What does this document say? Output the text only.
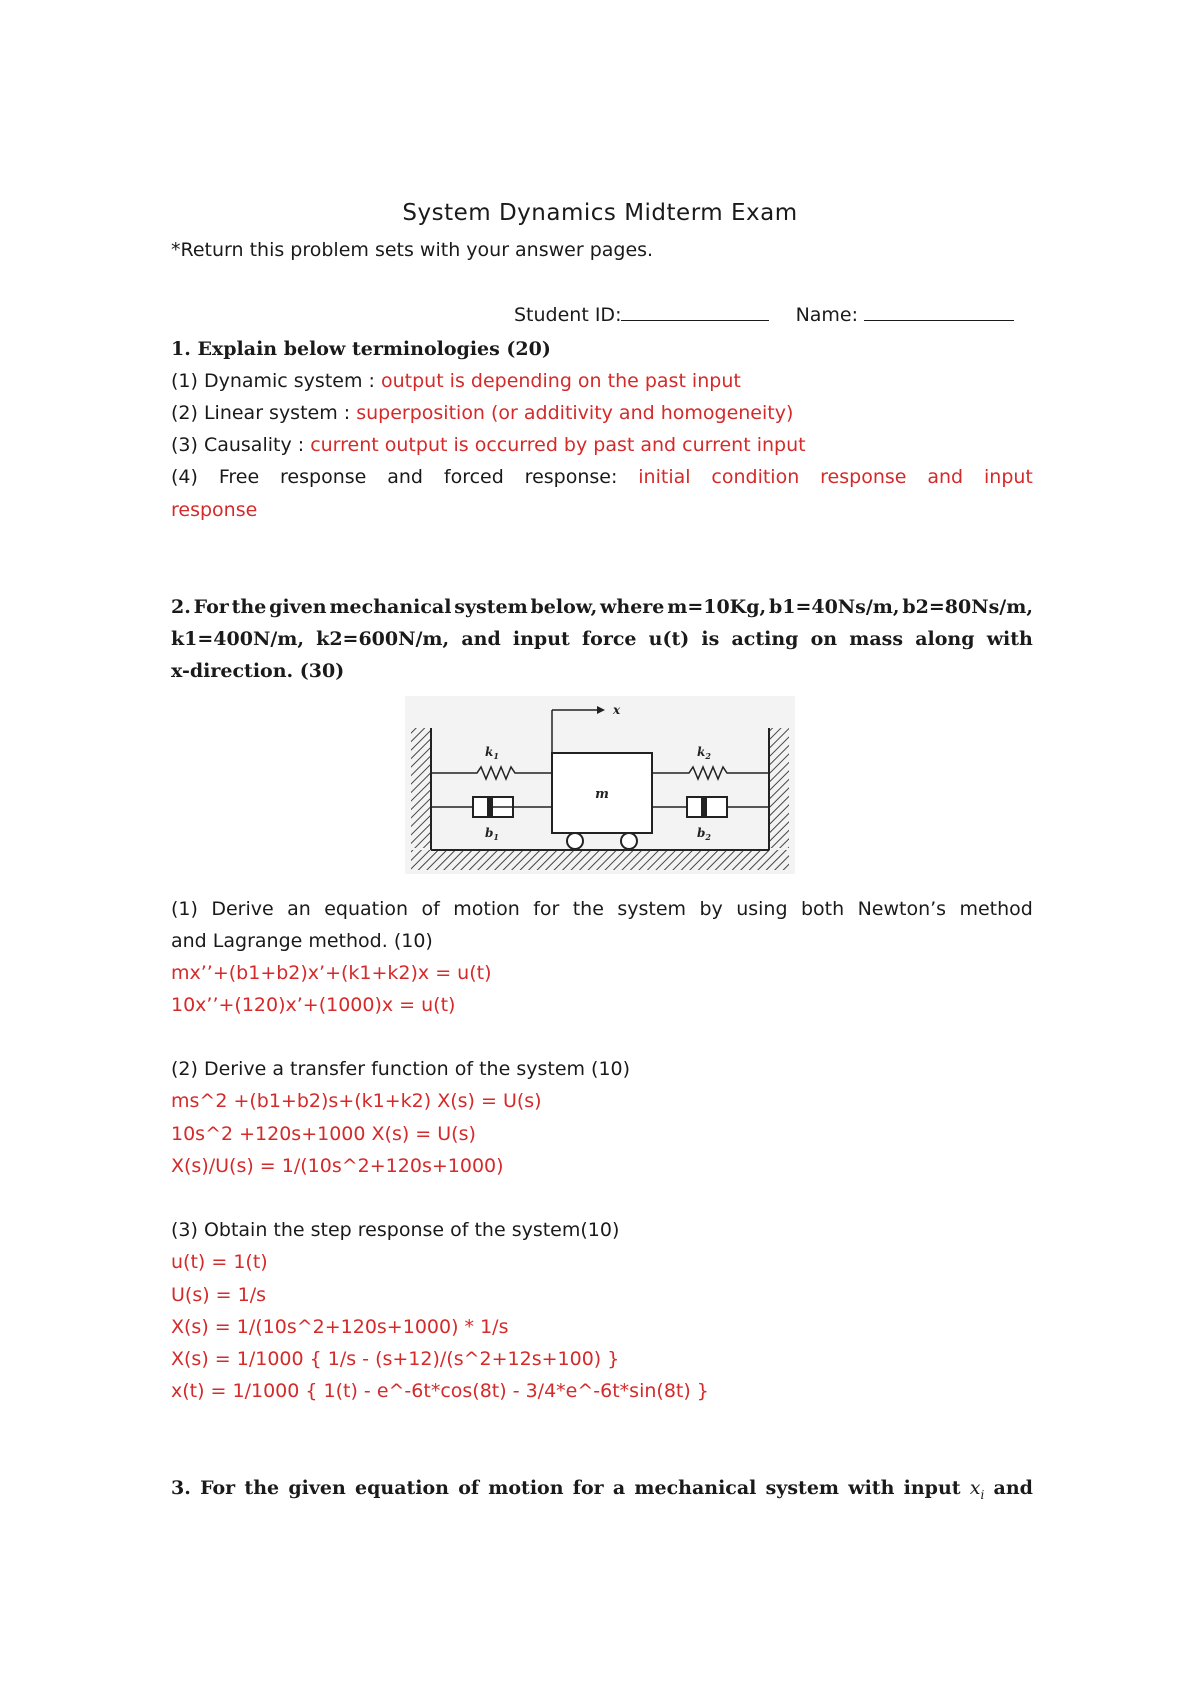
System Dynamics Midterm Exam
*Return this problem sets with your answer pages.
Student ID:	Name:
1. Explain below terminologies (20)
(1) Dynamic system : output is depending on the past input
(2) Linear system : superposition (or additivity and homogeneity)
(3) Causality : current output is occurred by past and current input
(4) Free response and forced response: initial condition response and input
response
2. For the given mechanical system below, where m=10Kg, b1=40Ns/m, b2=80Ns/m,
k1=400N/m, k2=600N/m, and input force u(t) is acting on mass along with
x-direction. (30)
m
x
$k_1$	$k_2$
$b_1$	$b_2$
(1) Derive an equation of motion for the system by using both Newton’s method
and Lagrange method. (10)
mx’’+(b1+b2)x’+(k1+k2)x = u(t)
10x’’+(120)x’+(1000)x = u(t)
(2) Derive a transfer function of the system (10)
ms^2 +(b1+b2)s+(k1+k2) X(s) = U(s)
10s^2 +120s+1000 X(s) = U(s)
X(s)/U(s) = 1/(10s^2+120s+1000)
(3) Obtain the step response of the system(10)
u(t) = 1(t)
U(s) = 1/s
X(s) = 1/(10s^2+120s+1000) * 1/s
X(s) = 1/1000 { 1/s - (s+12)/(s^2+12s+100) }
x(t) = 1/1000 { 1(t) - e^-6t*cos(8t) - 3/4*e^-6t*sin(8t) }
3. For the given equation of motion for a mechanical system with input $x_i$ and
